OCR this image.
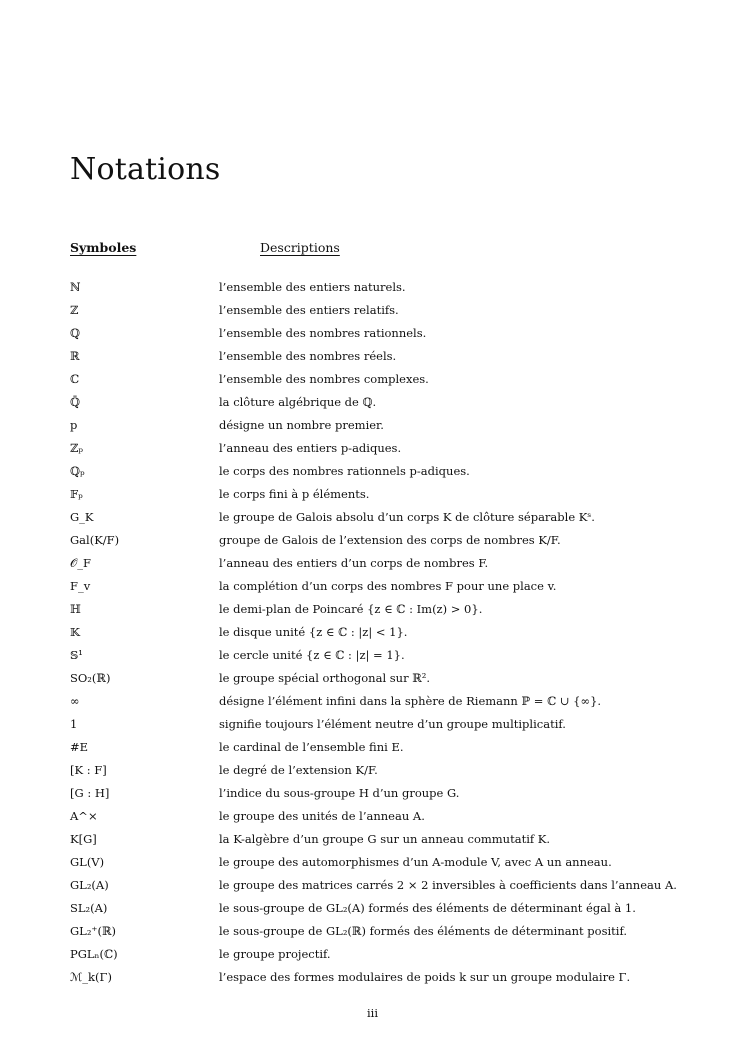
Notations
Symboles	Descriptions
ℕ	l’ensemble des entiers naturels.
ℤ	l’ensemble des entiers relatifs.
ℚ	l’ensemble des nombres rationnels.
ℝ	l’ensemble des nombres réels.
ℂ	l’ensemble des nombres complexes.
ℚ̄	la clôture algébrique de ℚ.
p	désigne un nombre premier.
ℤₚ	l’anneau des entiers p-adiques.
ℚₚ	le corps des nombres rationnels p-adiques.
𝔽ₚ	le corps fini à p éléments.
G_K	le groupe de Galois absolu d’un corps K de clôture séparable Kˢ.
Gal(K/F)	groupe de Galois de l’extension des corps de nombres K/F.
𝒪_F	l’anneau des entiers d’un corps de nombres F.
F_v	la complétion d’un corps des nombres F pour une place v.
ℍ	le demi-plan de Poincaré {z ∈ ℂ : Im(z) > 0}.
𝕂	le disque unité {z ∈ ℂ : |z| < 1}.
𝕊¹	le cercle unité {z ∈ ℂ : |z| = 1}.
SO₂(ℝ)	le groupe spécial orthogonal sur ℝ².
∞	désigne l’élément infini dans la sphère de Riemann ℙ = ℂ ∪ {∞}.
1	signifie toujours l’élément neutre d’un groupe multiplicatif.
#E	le cardinal de l’ensemble fini E.
[K : F]	le degré de l’extension K/F.
[G : H]	l’indice du sous-groupe H d’un groupe G.
A^×	le groupe des unités de l’anneau A.
K[G]	la K-algèbre d’un groupe G sur un anneau commutatif K.
GL(V)	le groupe des automorphismes d’un A-module V, avec A un anneau.
GL₂(A)	le groupe des matrices carrés 2 × 2 inversibles à coefficients dans l’anneau A.
SL₂(A)	le sous-groupe de GL₂(A) formés des éléments de déterminant égal à 1.
GL₂⁺(ℝ)	le sous-groupe de GL₂(ℝ) formés des éléments de déterminant positif.
PGLₙ(ℂ)	le groupe projectif.
ℳ_k(Γ)	l’espace des formes modulaires de poids k sur un groupe modulaire Γ.
iii
